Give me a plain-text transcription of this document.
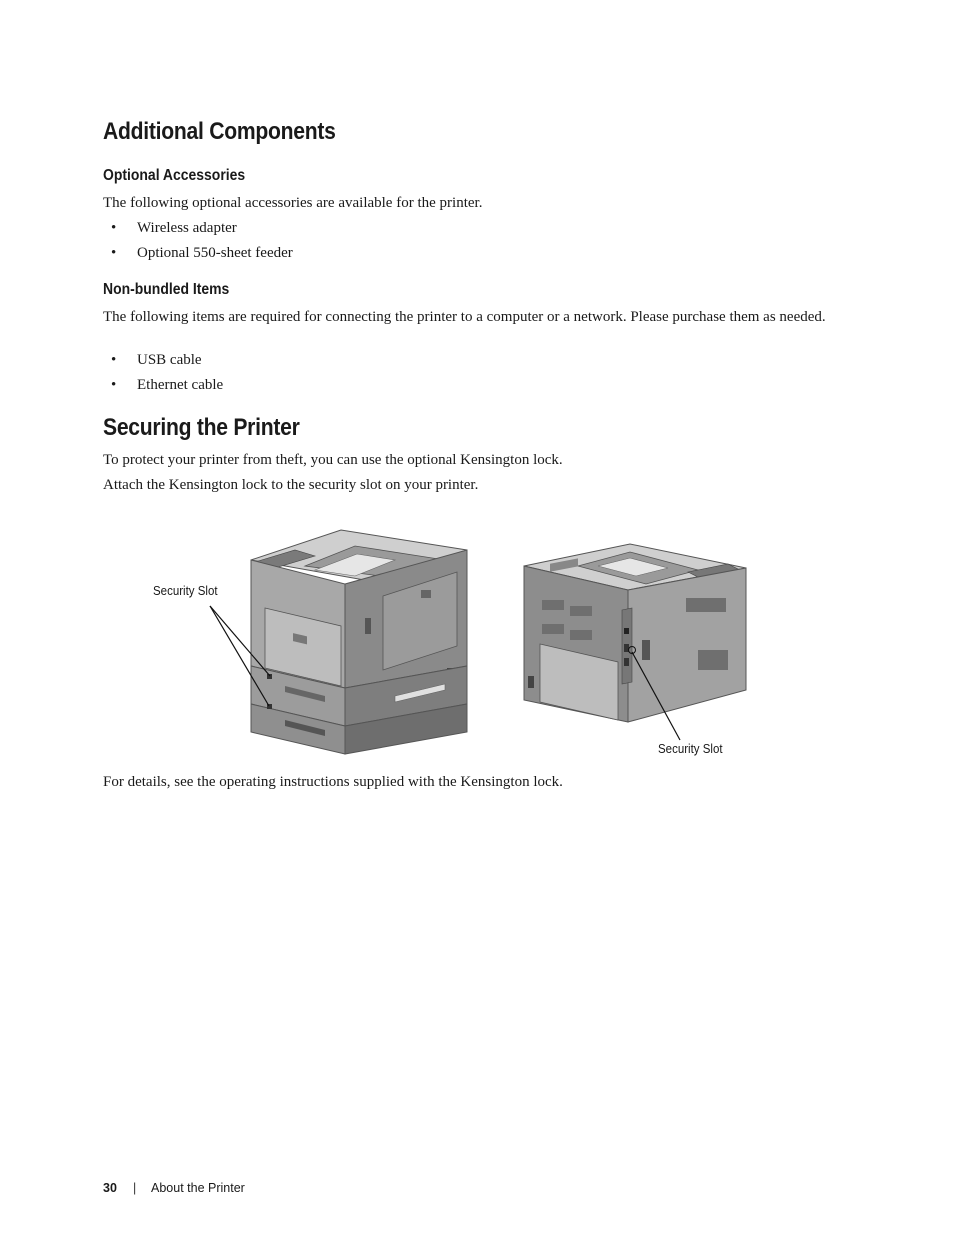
Additional Components
Optional Accessories

The following optional accessories are available for the printer.

• Wireless adapter
• Optional 550-sheet feeder
Non-bundled Items

The following items are required for connecting the printer to a computer or a network. Please purchase them as needed.

• USB cable
• Ethernet cable
Securing the Printer

To protect your printer from theft, you can use the optional Kensington lock.

Attach the Kensington lock to the security slot on your printer.

Security Slot
Security Slot

For details, see the operating instructions supplied with the Kensington lock.

30 | About the Printer
